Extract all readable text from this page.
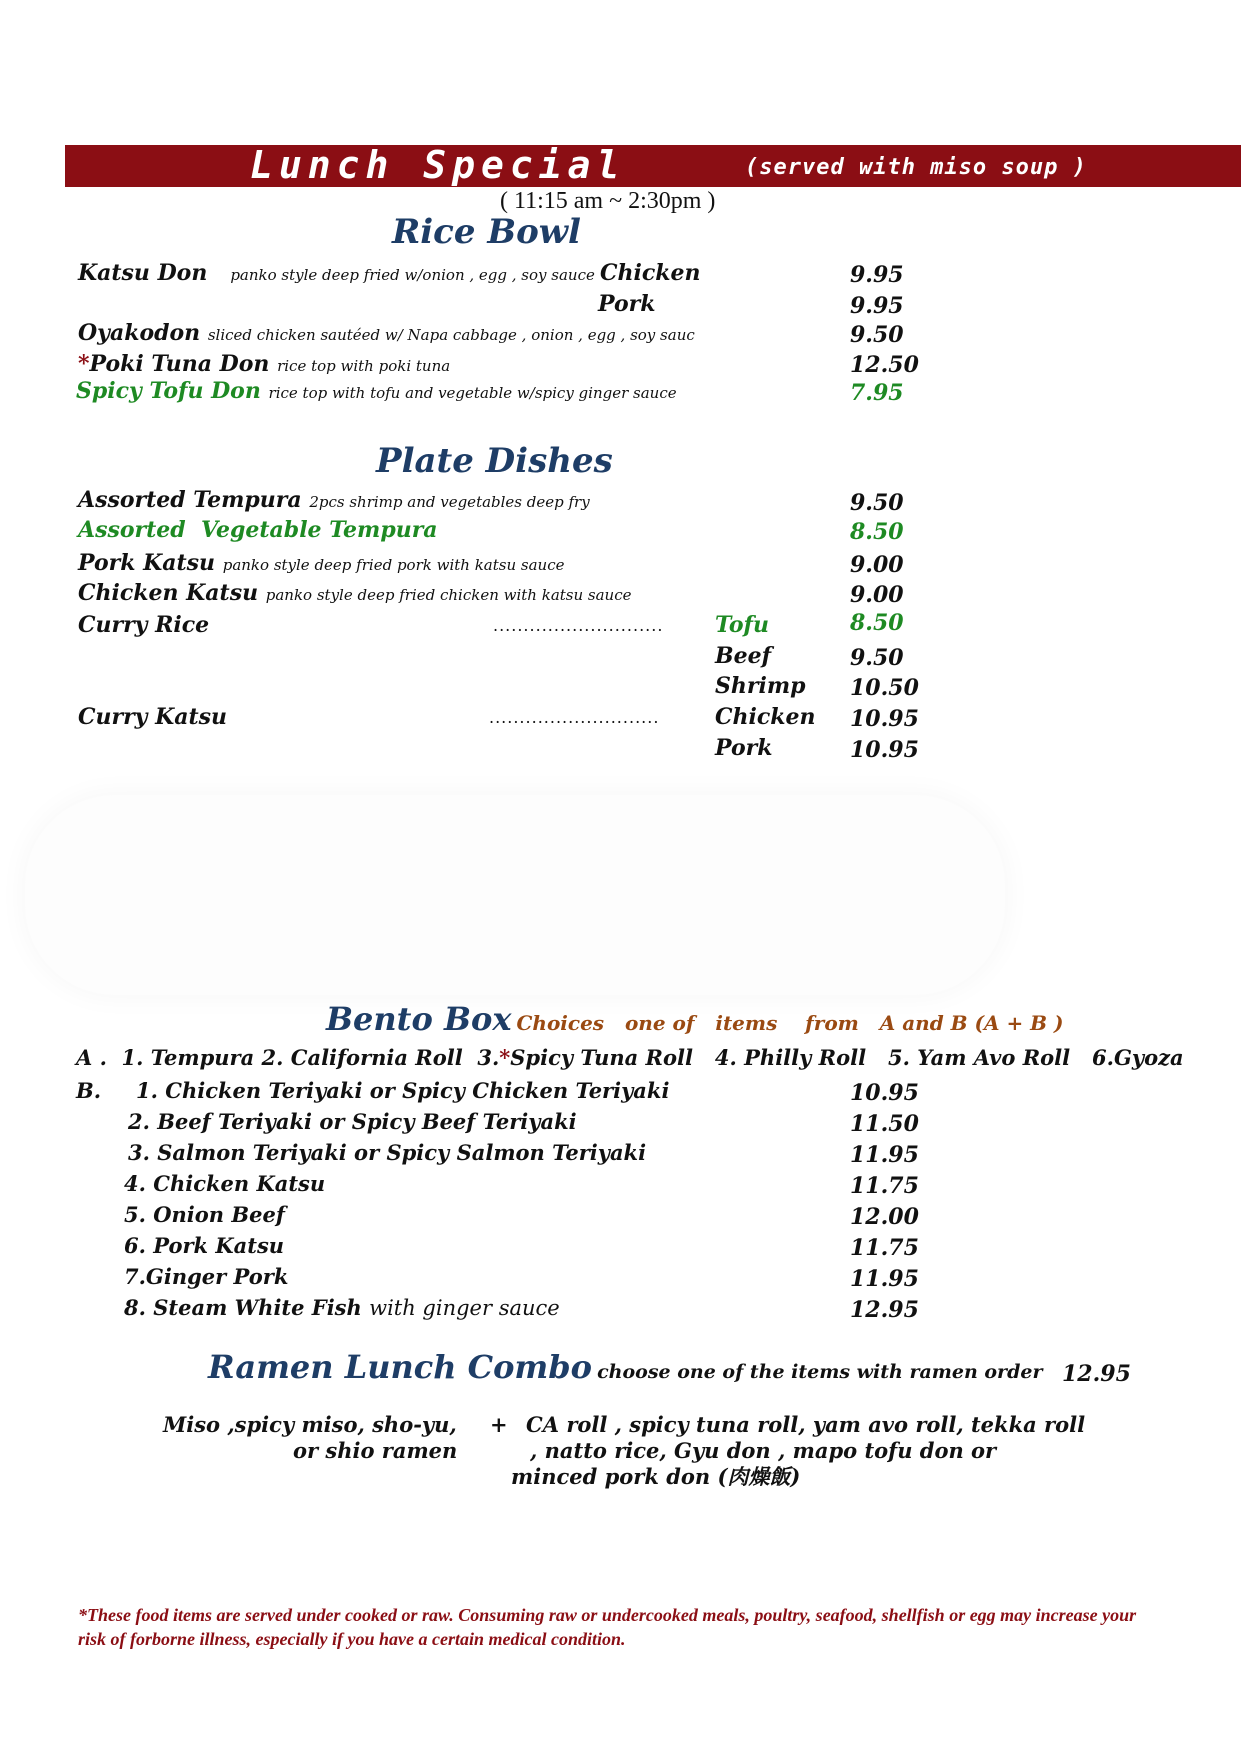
Lunch Special	(served with miso soup )
( 11:15 am ~ 2:30pm )
Rice Bowl
Katsu Don panko style deep fried w/onion , egg , soy sauce Chicken	9.95
Pork	9.95
Oyakodon sliced chicken sautéed w/ Napa cabbage , onion , egg , soy sauc	9.50
*Poki Tuna Don rice top with poki tuna	12.50
Spicy Tofu Don rice top with tofu and vegetable w/spicy ginger sauce	7.95
Plate Dishes
Assorted Tempura 2pcs shrimp and vegetables deep fry	9.50
Assorted  Vegetable Tempura	8.50
Pork Katsu panko style deep fried pork with katsu sauce	9.00
Chicken Katsu panko style deep fried chicken with katsu sauce	9.00
Curry Rice	............................ Tofu	8.50
Beef	9.50
Shrimp 10.50
Curry Katsu	............................	Chicken 10.95
Pork	10.95
Bento Box Choices   one of   items    from   A and B (A + B )
A . 1. Tempura 2. California Roll 3.*Spicy Tuna Roll 4. Philly Roll 5. Yam Avo Roll 6.Gyoza
B. 1. Chicken Teriyaki or Spicy Chicken Teriyaki	10.95
2. Beef Teriyaki or Spicy Beef Teriyaki	11.50
3. Salmon Teriyaki or Spicy Salmon Teriyaki	11.95
4. Chicken Katsu	11.75
5. Onion Beef	12.00
6. Pork Katsu	11.75
7.Ginger Pork	11.95
8. Steam White Fish with ginger sauce	12.95
Ramen Lunch Combo choose one of the items with ramen order 12.95
Miso ,spicy miso, sho-yu,
or shio ramen
+ CA roll , spicy tuna roll, yam avo roll, tekka roll
, natto rice, Gyu don , mapo tofu don or
minced pork don (肉燥飯)
*These food items are served under cooked or raw. Consuming raw or undercooked meals, poultry, seafood, shellfish or egg may increase your risk of forborne illness, especially if you have a certain medical condition.
